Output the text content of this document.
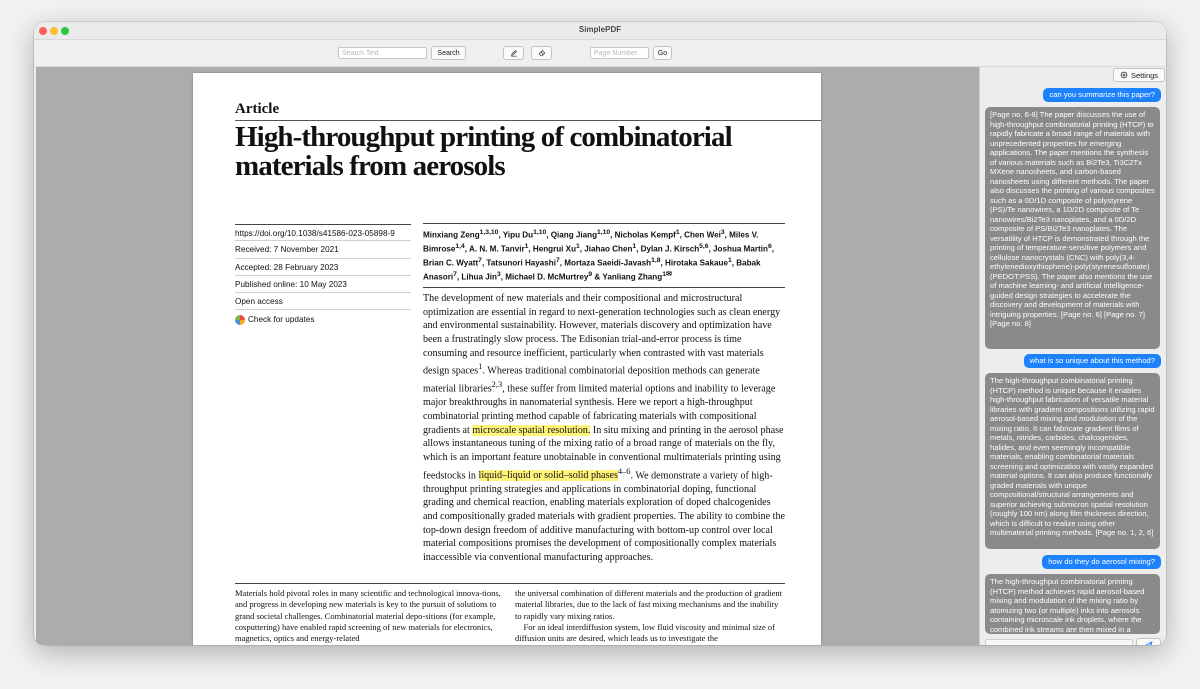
SimplePDF
Search Text
Search
Page Number	Go
Article
High-throughput printing of combinatorial materials from aerosols
https://doi.org/10.1038/s41586-023-05898-9
Received: 7 November 2021
Accepted: 28 February 2023
Published online: 10 May 2023
Open access
Check for updates
Minxiang Zeng$^{1,3,10}$, Yipu Du$^{1,10}$, Qiang Jiang$^{1,10}$, Nicholas Kempf$^1$, Chen Wei$^3$, Miles V. Bimrose$^{1,4}$, A. N. M. Tanvir$^1$, Hengrui Xu$^1$, Jiahao Chen$^1$, Dylan J. Kirsch$^{5,6}$, Joshua Martin$^6$, Brian C. Wyatt$^7$, Tatsunori Hayashi$^7$, Mortaza Saeidi-Javash$^{1,8}$, Hirotaka Sakaue$^1$, Babak Anasori$^7$, Lihua Jin$^3$, Michael D. McMurtrey$^9$ & Yanliang Zhang$^{1✉}$
The development of new materials and their compositional and microstructural optimization are essential in regard to next-generation technologies such as clean energy and environmental sustainability. However, materials discovery and optimization have been a frustratingly slow process. The Edisonian trial-and-error process is time consuming and resource inefficient, particularly when contrasted with vast materials design spaces$^1$. Whereas traditional combinatorial deposition methods can generate material libraries$^{2,3}$, these suffer from limited material options and inability to leverage major breakthroughs in nanomaterial synthesis. Here we report a high-throughput combinatorial printing method capable of fabricating materials with compositional gradients at microscale spatial resolution. In situ mixing and printing in the aerosol phase allows instantaneous tuning of the mixing ratio of a broad range of materials on the fly, which is an important feature unobtainable in conventional multimaterials printing using feedstocks in liquid–liquid or solid–solid phases$^{4-6}$. We demonstrate a variety of high-throughput printing strategies and applications in combinatorial doping, functional grading and chemical reaction, enabling materials exploration of doped chalcogenides and compositionally graded materials with gradient properties. The ability to combine the top-down design freedom of additive manufacturing with bottom-up control over local material compositions promises the development of compositionally complex materials inaccessible via conventional manufacturing approaches.
Materials hold pivotal roles in many scientific and technological innova-tions, and progress in developing new materials is key to the pursuit of solutions to grand societal challenges. Combinatorial material depo-sitions (for example, cosputtering) have enabled rapid screening of new materials for electronics, magnetics, optics and energy-related
the universal combination of different materials and the production of gradient material libraries, due to the lack of fast mixing mechanisms and the inability to rapidly vary mixing ratios.
For an ideal interdiffusion system, low fluid viscosity and minimal size of diffusion units are desired, which leads us to investigate the
Settings
can you summarize this paper?
[Page no. 6-8] The paper discusses the use of high-throughput combinatorial printing (HTCP) to rapidly fabricate a broad range of materials with unprecedented properties for emerging applications. The paper mentions the synthesis of various materials such as Bi2Te3, Ti3C2Tx MXene nanosheets, and carbon-based nanosheets using different methods. The paper also discusses the printing of various composites such as a 0D/1D composite of polystyrene (PS)/Te nanowires, a 1D/2D composite of Te nanowires/Bi2Te3 nanoplates, and a 0D/2D composite of PS/Bi2Te3 nanoplates. The versatility of HTCP is demonstrated through the printing of temperature-sensitive polymers and cellulose nanocrystals (CNC) with poly(3,4-ethylenedioxythiophene)-poly(styrenesulfonate) (PEDOT:PSS). The paper also mentions the use of machine learning- and artificial intelligence-guided design strategies to accelerate the discovery and development of materials with intriguing properties. [Page no. 6] [Page no. 7] [Page no. 8]
what is so unique about this method?
The high-throughput combinatorial printing (HTCP) method is unique because it enables high-throughput fabrication of versatile material libraries with gradient compositions utilizing rapid aerosol-based mixing and modulation of the mixing ratio. It can fabricate gradient films of metals, nitrides, carbides, chalcogenides, halides, and even seemingly incompatible materials, enabling combinatorial materials screening and optimization with vastly expanded material options. It can also produce functionally graded materials with unique compositional/structural arrangements and superior achieving submicron spatial resolution (roughly 100 nm) along film thickness direction, which is difficult to realize using other multimaterial printing methods. [Page no. 1, 2, 6]
how do they do aerosol mixing?
The high-throughput combinatorial printing (HTCP) method achieves rapid aerosol-based mixing and modulation of the mixing ratio by atomizing two (or multiple) inks into aerosols containing microscale ink droplets, where the combined ink streams are then mixed in a
